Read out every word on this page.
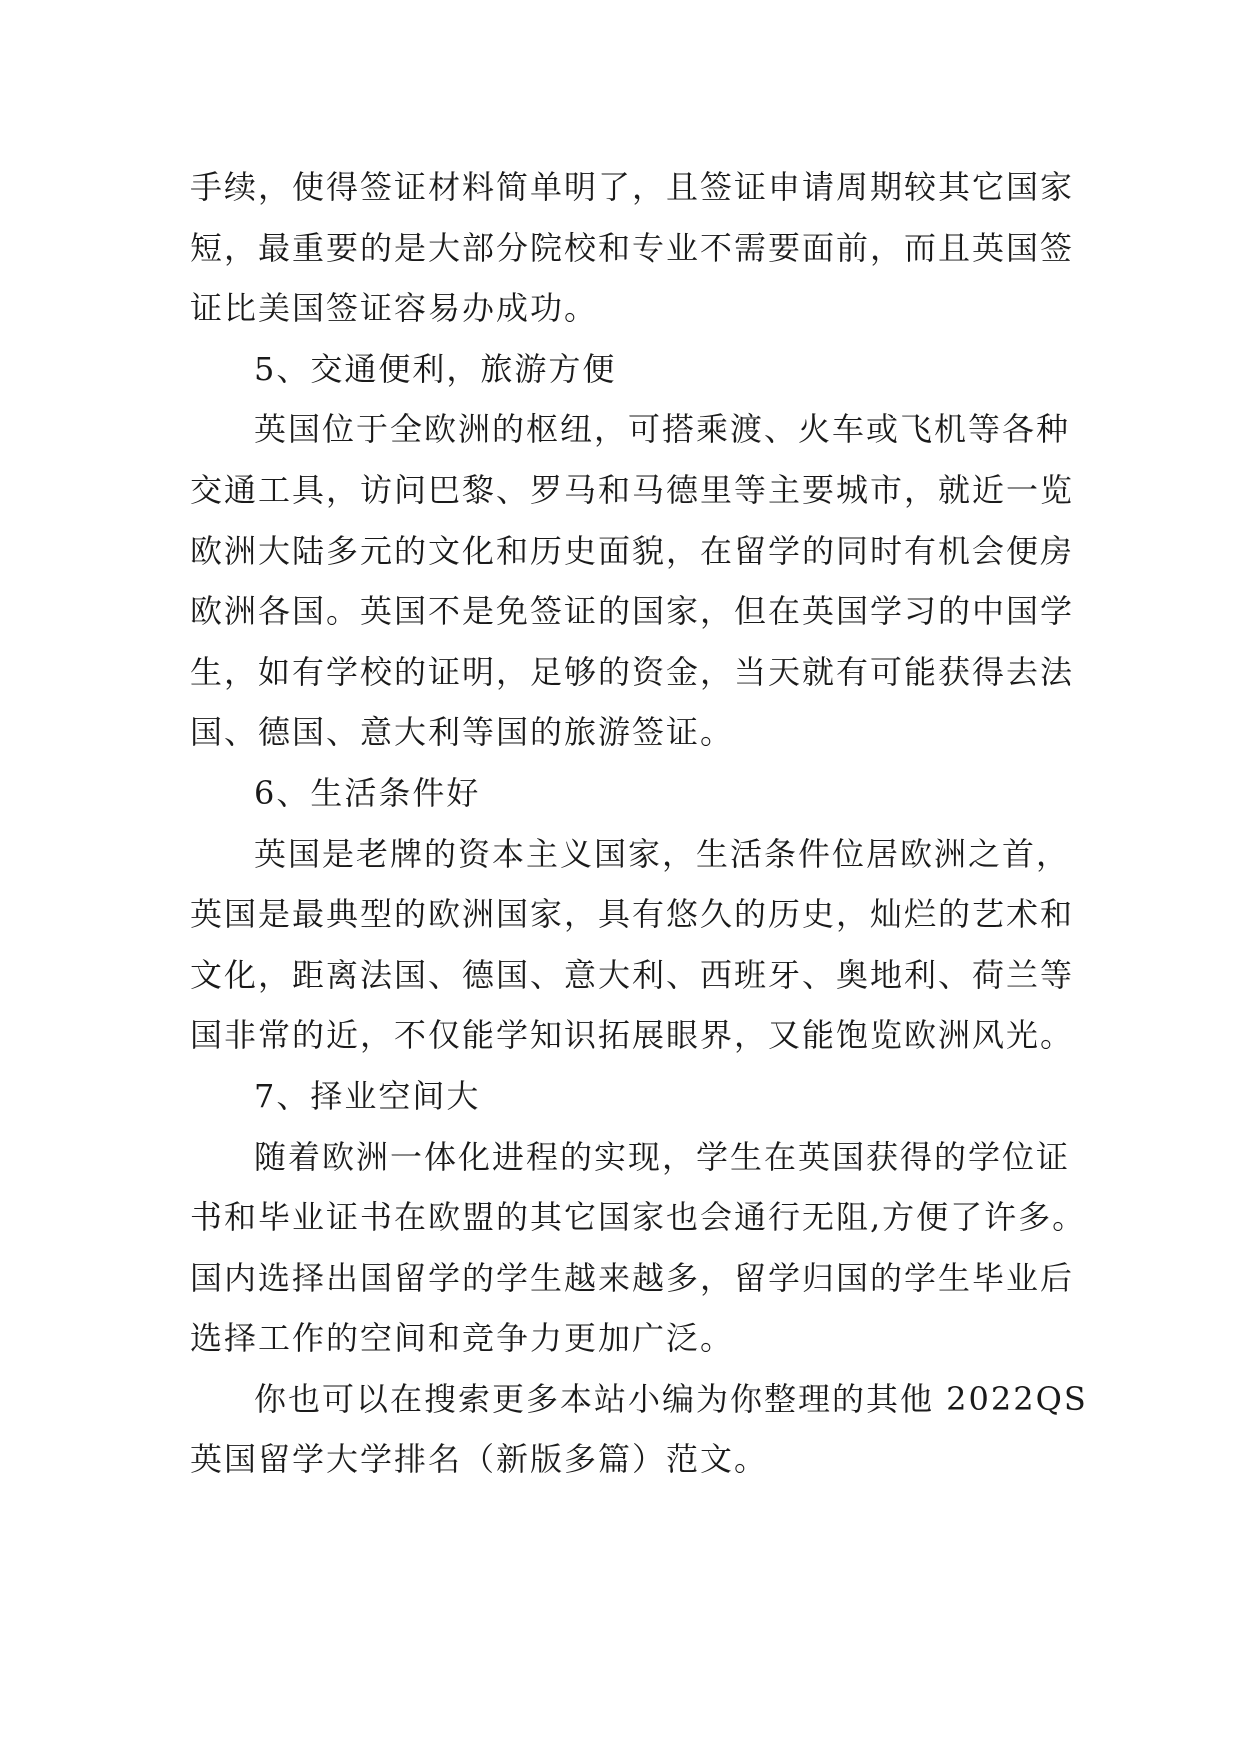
手续，使得签证材料简单明了，且签证申请周期较其它国家
短，最重要的是大部分院校和专业不需要面前，而且英国签
证比美国签证容易办成功。
5、交通便利，旅游方便
英国位于全欧洲的枢纽，可搭乘渡、火车或飞机等各种
交通工具，访问巴黎、罗马和马德里等主要城市，就近一览
欧洲大陆多元的文化和历史面貌，在留学的同时有机会便房
欧洲各国。英国不是免签证的国家，但在英国学习的中国学
生，如有学校的证明，足够的资金，当天就有可能获得去法
国、德国、意大利等国的旅游签证。
6、生活条件好
英国是老牌的资本主义国家，生活条件位居欧洲之首，
英国是最典型的欧洲国家，具有悠久的历史，灿烂的艺术和
文化，距离法国、德国、意大利、西班牙、奥地利、荷兰等
国非常的近，不仅能学知识拓展眼界，又能饱览欧洲风光。
7、择业空间大
随着欧洲一体化进程的实现，学生在英国获得的学位证
书和毕业证书在欧盟的其它国家也会通行无阻,方便了许多。
国内选择出国留学的学生越来越多，留学归国的学生毕业后
选择工作的空间和竞争力更加广泛。
你也可以在搜索更多本站小编为你整理的其他 2022QS
英国留学大学排名（新版多篇）范文。
